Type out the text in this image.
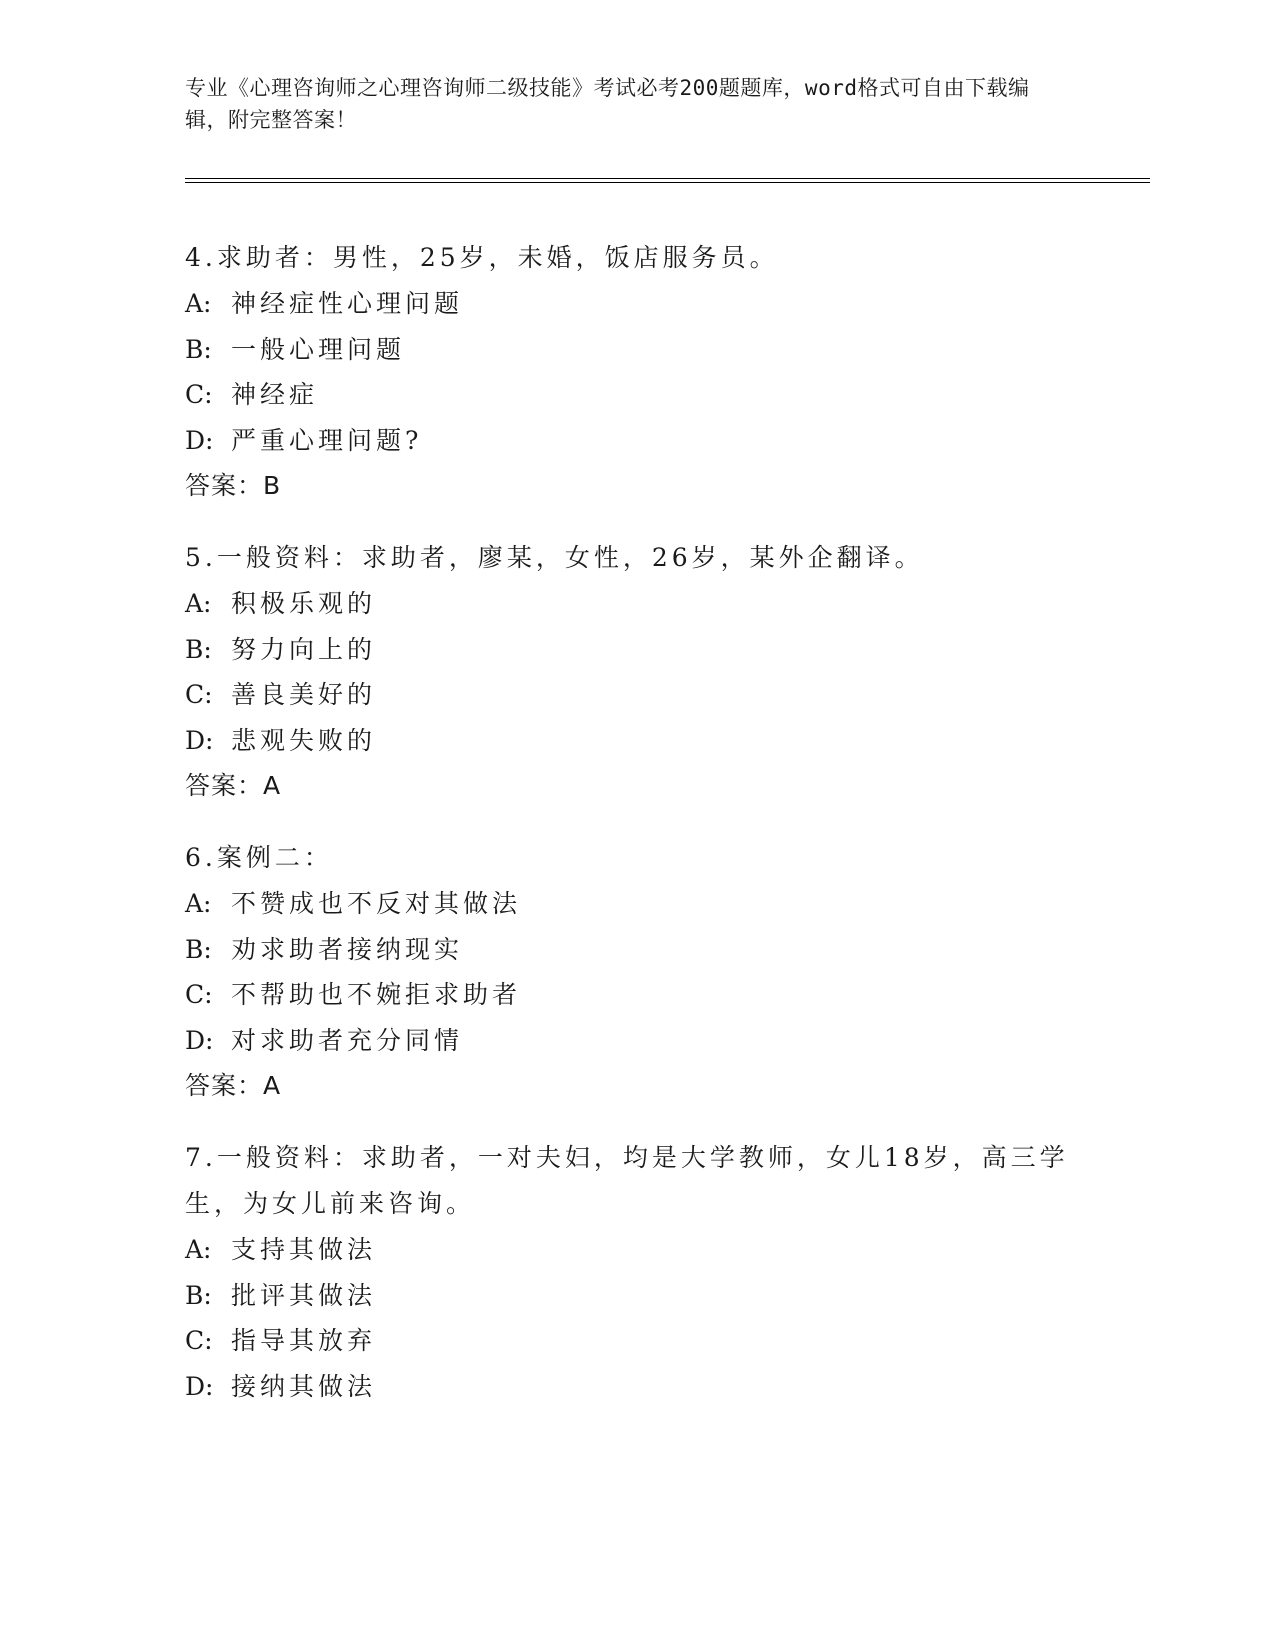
专业《心理咨询师之心理咨询师二级技能》考试必考200题题库，word格式可自由下载编辑，附完整答案！
4.求助者：男性，25岁，未婚，饭店服务员。
A: 神经症性心理问题
B: 一般心理问题
C: 神经症
D: 严重心理问题?
答案：B
5.一般资料：求助者，廖某，女性，26岁，某外企翻译。
A: 积极乐观的
B: 努力向上的
C: 善良美好的
D: 悲观失败的
答案：A
6.案例二：
A: 不赞成也不反对其做法
B: 劝求助者接纳现实
C: 不帮助也不婉拒求助者
D: 对求助者充分同情
答案：A
7.一般资料：求助者，一对夫妇，均是大学教师，女儿18岁，高三学生，为女儿前来咨询。
A: 支持其做法
B: 批评其做法
C: 指导其放弃
D: 接纳其做法
